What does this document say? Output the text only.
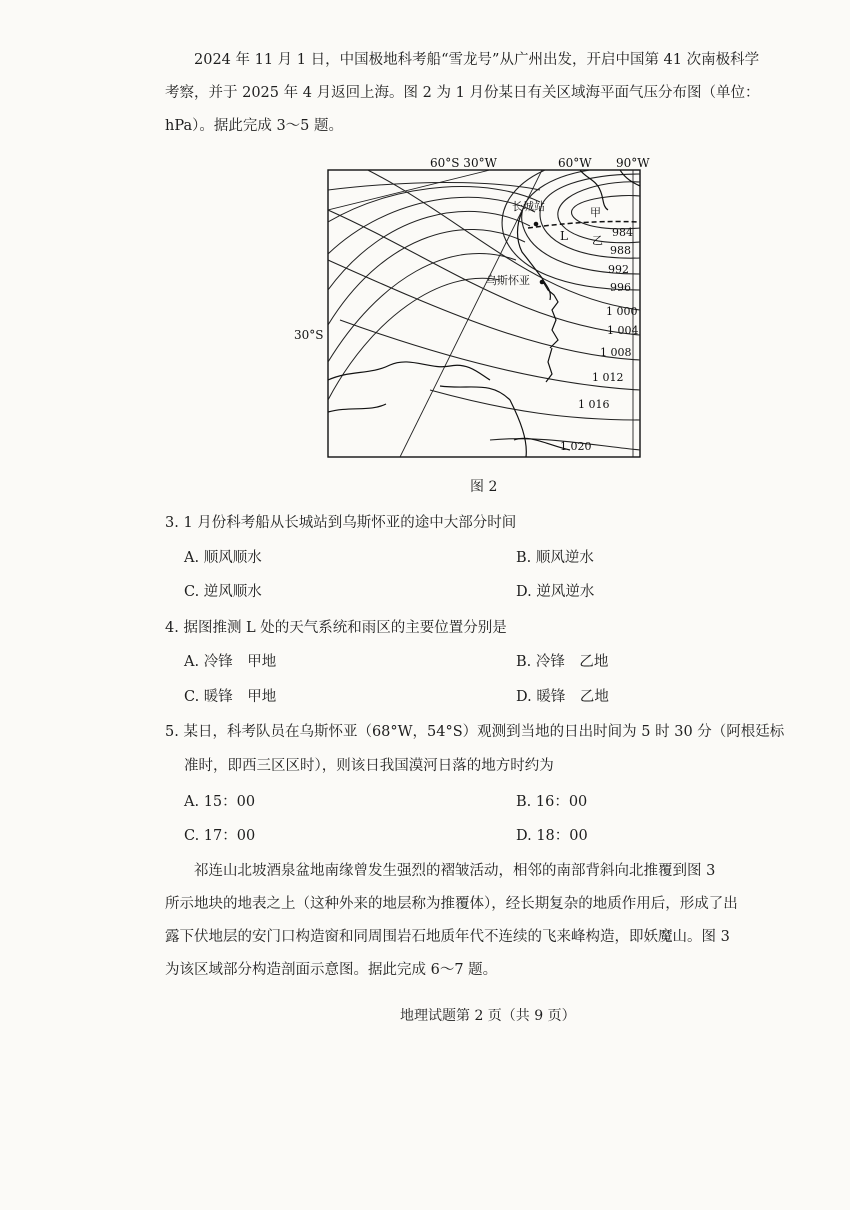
2024 年 11 月 1 日，中国极地科考船“雪龙号”从广州出发，开启中国第 41 次南极科学
考察，并于 2025 年 4 月返回上海。图 2 为 1 月份某日有关区域海平面气压分布图（单位：
hPa）。据此完成 3～5 题。

60°S 30°W	60°W 90°W
30°S
984
988
992
996
1 000
1 004
1 008
1 012
1 016
1 020
长城站
乌斯怀亚
L
甲
乙

图 2

3. 1 月份科考船从长城站到乌斯怀亚的途中大部分时间

A. 顺风顺水	B. 顺风逆水

C. 逆风顺水	D. 逆风逆水

4. 据图推测 L 处的天气系统和雨区的主要位置分别是

A. 冷锋　甲地	B. 冷锋　乙地

C. 暖锋　甲地	D. 暖锋　乙地

5. 某日，科考队员在乌斯怀亚（68°W，54°S）观测到当地的日出时间为 5 时 30 分（阿根廷标

准时，即西三区区时），则该日我国漠河日落的地方时约为

A. 15：00	B. 16：00

C. 17：00	D. 18：00

祁连山北坡酒泉盆地南缘曾发生强烈的褶皱活动，相邻的南部背斜向北推覆到图 3
所示地块的地表之上（这种外来的地层称为推覆体），经长期复杂的地质作用后，形成了出
露下伏地层的安门口构造窗和同周围岩石地质年代不连续的飞来峰构造，即妖魔山。图 3
为该区域部分构造剖面示意图。据此完成 6～7 题。

地理试题第 2 页（共 9 页）
